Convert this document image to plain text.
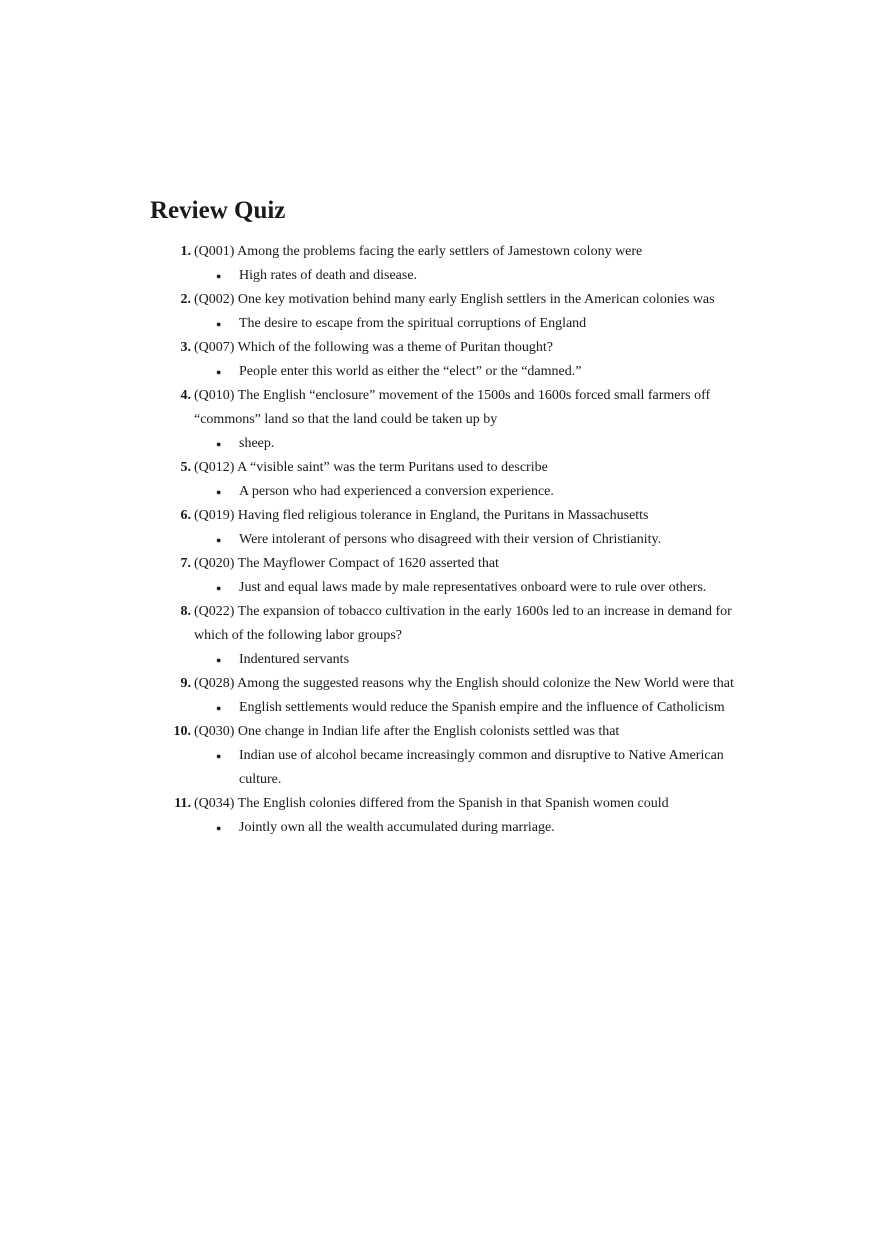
Review Quiz
1. (Q001) Among the problems facing the early settlers of Jamestown colony were
● High rates of death and disease.
2. (Q002) One key motivation behind many early English settlers in the American colonies was
● The desire to escape from the spiritual corruptions of England
3. (Q007) Which of the following was a theme of Puritan thought?
● People enter this world as either the “elect” or the “damned.”
4. (Q010) The English “enclosure” movement of the 1500s and 1600s forced small farmers off “commons” land so that the land could be taken up by
● sheep.
5. (Q012) A “visible saint” was the term Puritans used to describe
● A person who had experienced a conversion experience.
6. (Q019) Having fled religious tolerance in England, the Puritans in Massachusetts
● Were intolerant of persons who disagreed with their version of Christianity.
7. (Q020) The Mayflower Compact of 1620 asserted that
● Just and equal laws made by male representatives onboard were to rule over others.
8. (Q022) The expansion of tobacco cultivation in the early 1600s led to an increase in demand for which of the following labor groups?
● Indentured servants
9. (Q028) Among the suggested reasons why the English should colonize the New World were that
● English settlements would reduce the Spanish empire and the influence of Catholicism
10. (Q030) One change in Indian life after the English colonists settled was that
● Indian use of alcohol became increasingly common and disruptive to Native American culture.
11. (Q034) The English colonies differed from the Spanish in that Spanish women could
● Jointly own all the wealth accumulated during marriage.
